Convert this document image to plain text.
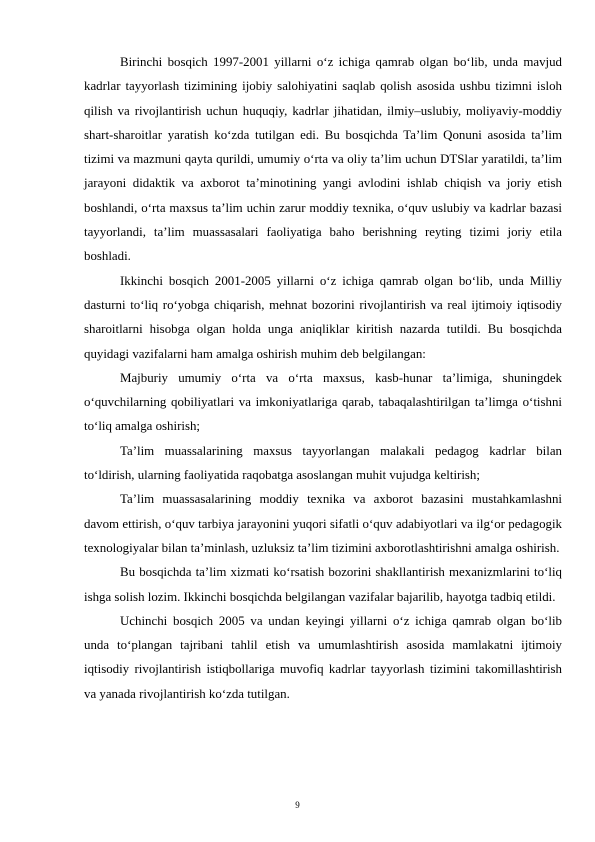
Birinchi bosqich 1997-2001 yillarni o‘z ichiga qamrab olgan bo‘lib, unda mavjud kadrlar tayyorlash tizimining ijobiy salohiyatini saqlab qolish asosida ushbu tizimni isloh qilish va rivojlantirish uchun huquqiy, kadrlar jihatidan, ilmiy–uslubiy, moliyaviy-moddiy shart-sharoitlar yaratish ko‘zda tutilgan edi. Bu bosqichda Ta’lim Qonuni asosida ta’lim tizimi va mazmuni qayta qurildi, umumiy o‘rta va oliy ta’lim uchun DTSlar yaratildi, ta’lim jarayoni didaktik va axborot ta’minotining yangi avlodini ishlab chiqish va joriy etish boshlandi, o‘rta maxsus ta’lim uchin zarur moddiy texnika, o‘quv uslubiy va kadrlar bazasi tayyorlandi, ta’lim muassasalari faoliyatiga baho berishning reyting tizimi joriy etila boshladi.

Ikkinchi bosqich 2001-2005 yillarni o‘z ichiga qamrab olgan bo‘lib, unda Milliy dasturni to‘liq ro‘yobga chiqarish, mehnat bozorini rivojlantirish va real ijtimoiy iqtisodiy sharoitlarni hisobga olgan holda unga aniqliklar kiritish nazarda tutildi. Bu bosqichda quyidagi vazifalarni ham amalga oshirish muhim deb belgilangan:

Majburiy umumiy o‘rta va o‘rta maxsus, kasb-hunar ta’limiga, shuningdek o‘quvchilarning qobiliyatlari va imkoniyatlariga qarab, tabaqalashtirilgan ta’limga o‘tishni to‘liq amalga oshirish;

Ta’lim muassalarining maxsus tayyorlangan malakali pedagog kadrlar bilan to‘ldirish, ularning faoliyatida raqobatga asoslangan muhit vujudga keltirish;

Ta’lim muassasalarining moddiy texnika va axborot bazasini mustahkamlashni davom ettirish, o‘quv tarbiya jarayonini yuqori sifatli o‘quv adabiyotlari va ilg‘or pedagogik texnologiyalar bilan ta’minlash, uzluksiz ta’lim tizimini axborotlashtirishni amalga oshirish.

Bu bosqichda ta’lim xizmati ko‘rsatish bozorini shakllantirish mexanizmlarini to‘liq ishga solish lozim. Ikkinchi bosqichda belgilangan vazifalar bajarilib, hayotga tadbiq etildi.

Uchinchi bosqich 2005 va undan keyingi yillarni o‘z ichiga qamrab olgan bo‘lib unda to‘plangan tajribani tahlil etish va umumlashtirish asosida mamlakatni ijtimoiy iqtisodiy rivojlantirish istiqbollariga muvofiq kadrlar tayyorlash tizimini takomillashtirish va yanada rivojlantirish ko‘zda tutilgan.

9
